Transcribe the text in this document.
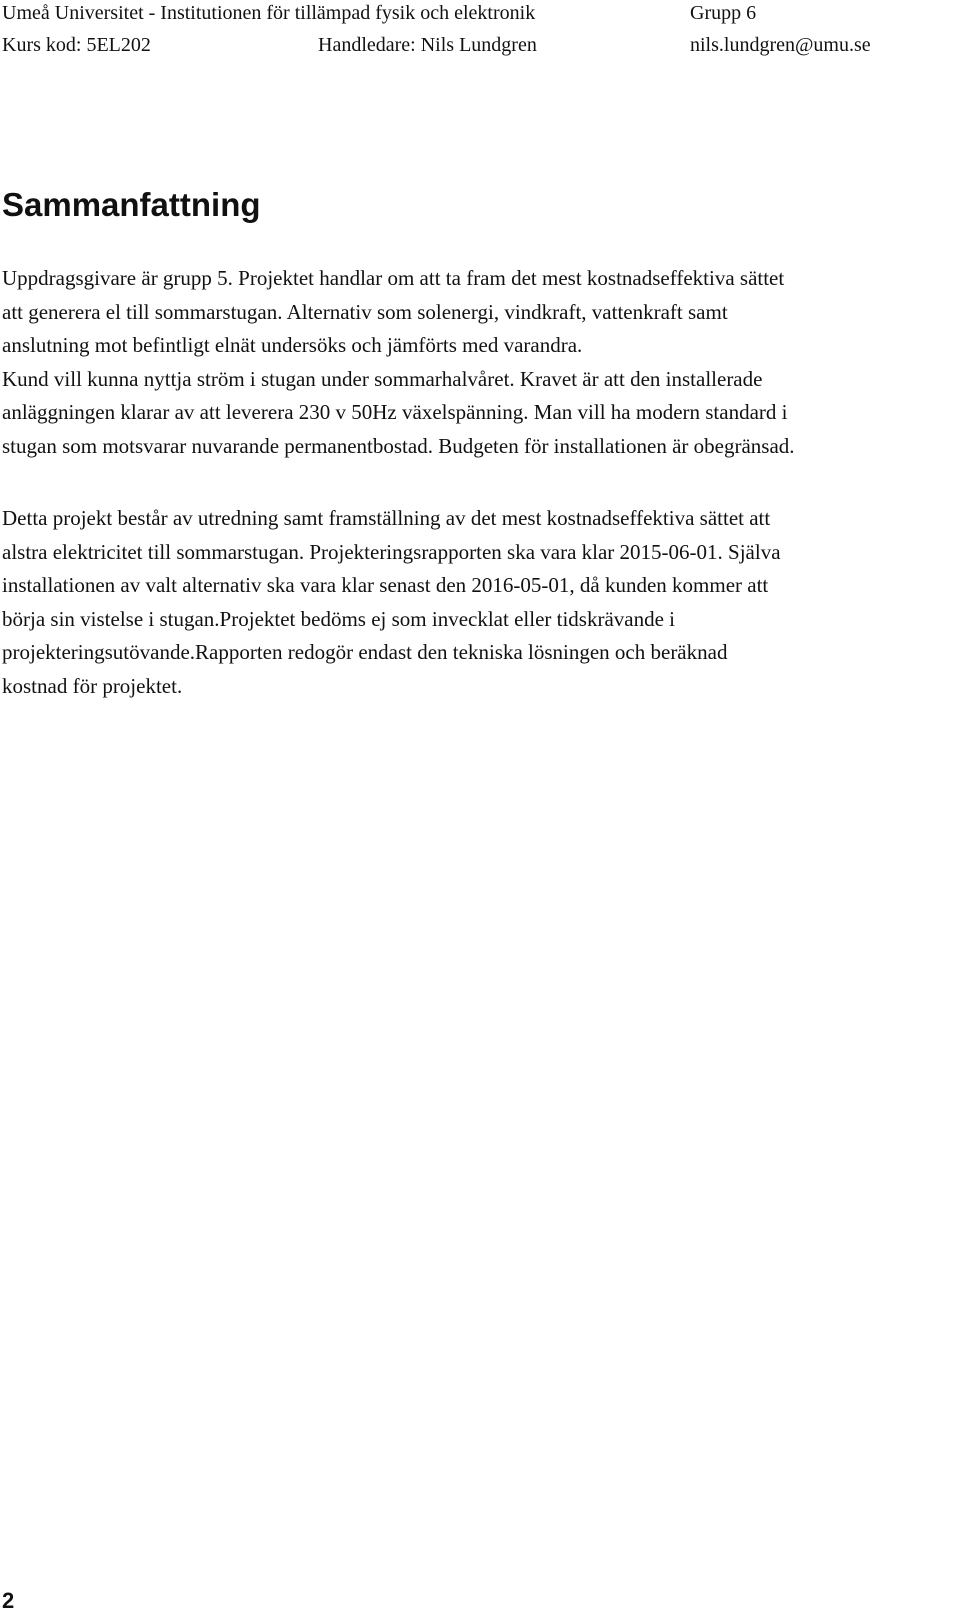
Umeå Universitet - Institutionen för tillämpad fysik och elektronik	Grupp 6
Kurs kod: 5EL202	Handledare: Nils Lundgren	nils.lundgren@umu.se
Sammanfattning

Uppdragsgivare är grupp 5. Projektet handlar om att ta fram det mest kostnadseffektiva sättet
att generera el till sommarstugan. Alternativ som solenergi, vindkraft, vattenkraft samt
anslutning mot befintligt elnät undersöks och jämförts med varandra.
Kund vill kunna nyttja ström i stugan under sommarhalvåret. Kravet är att den installerade
anläggningen klarar av att leverera 230 v 50Hz växelspänning. Man vill ha modern standard i
stugan som motsvarar nuvarande permanentbostad. Budgeten för installationen är obegränsad.

Detta projekt består av utredning samt framställning av det mest kostnadseffektiva sättet att
alstra elektricitet till sommarstugan. Projekteringsrapporten ska vara klar 2015-06-01. Själva
installationen av valt alternativ ska vara klar senast den 2016-05-01, då kunden kommer att
börja sin vistelse i stugan.Projektet bedöms ej som invecklat eller tidskrävande i
projekteringsutövande.Rapporten redogör endast den tekniska lösningen och beräknad
kostnad för projektet.

2
